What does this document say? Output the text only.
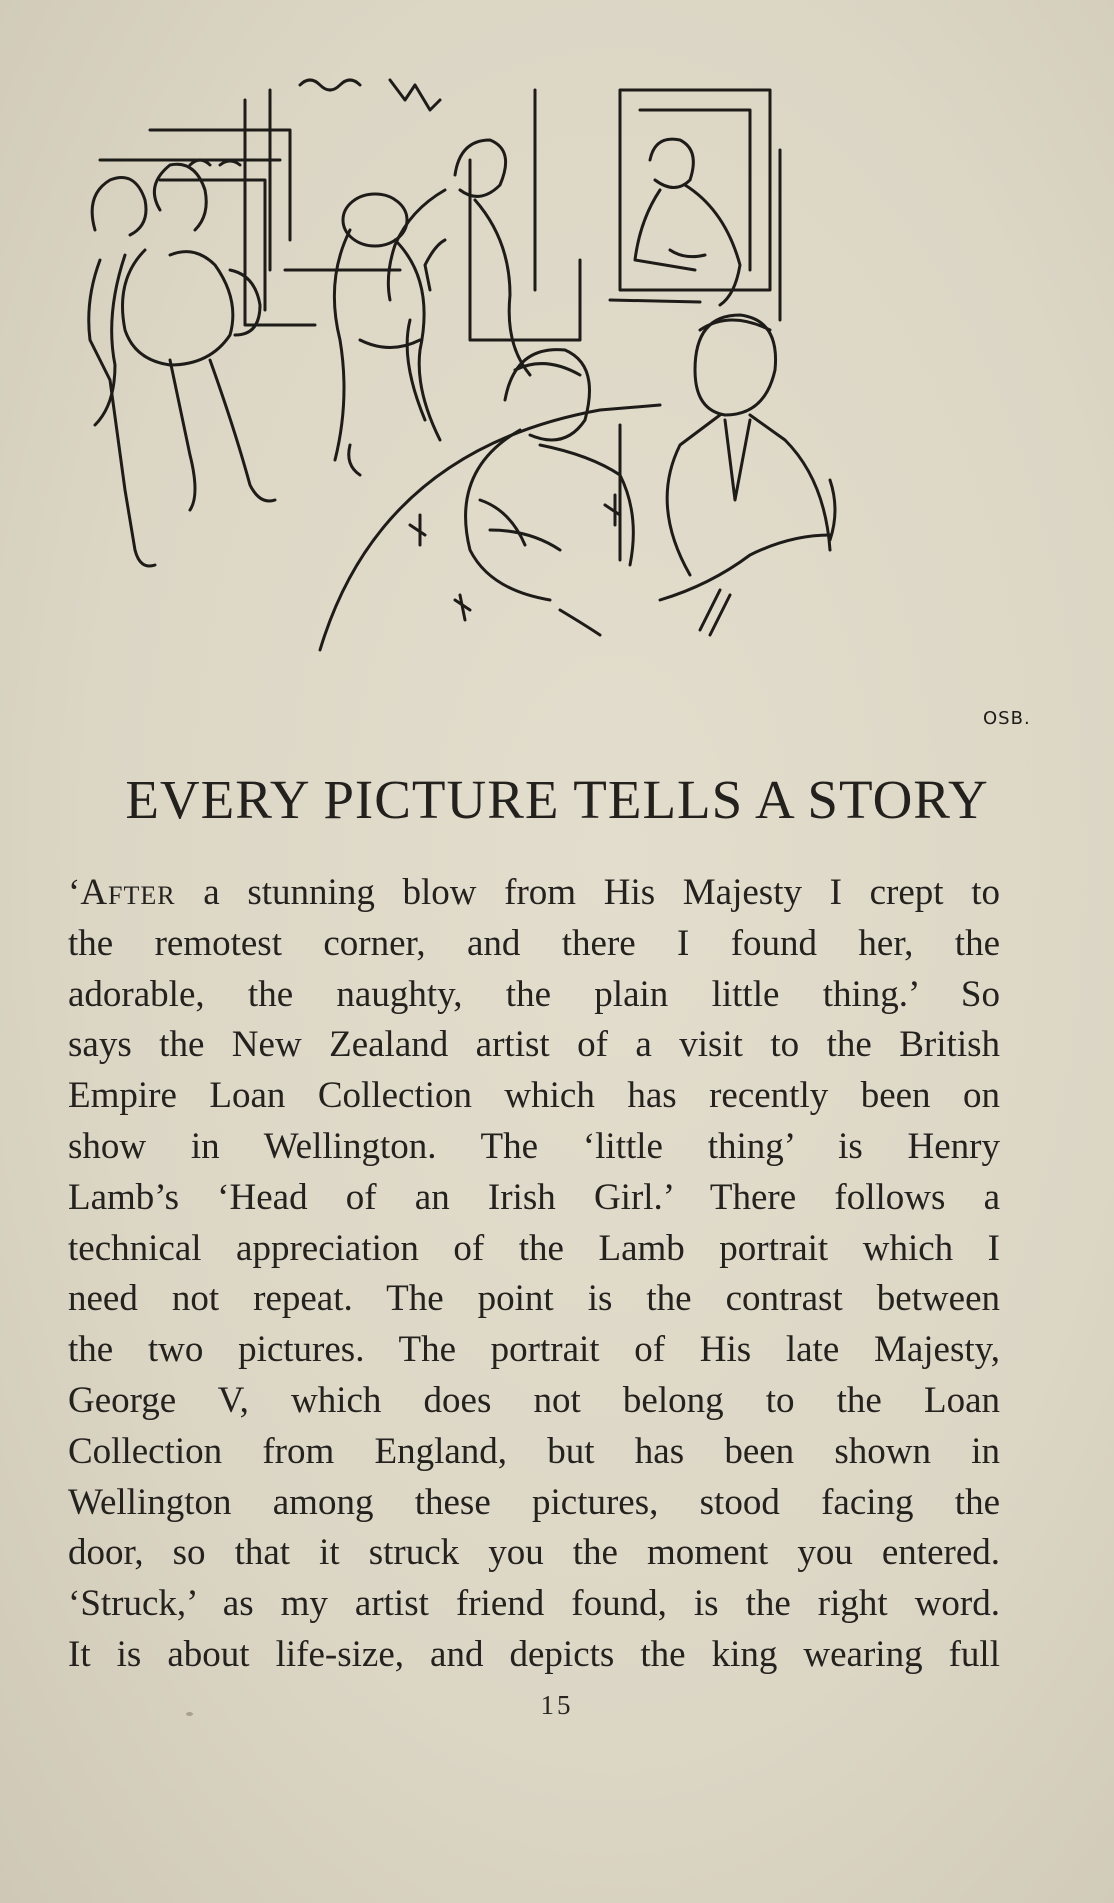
OSB.
EVERY PICTURE TELLS A STORY

‘After a stunning blow from His Majesty I crept to
the remotest corner, and there I found her, the
adorable, the naughty, the plain little thing.’ So
says the New Zealand artist of a visit to the British
Empire Loan Collection which has recently been on
show in Wellington. The ‘little thing’ is Henry
Lamb’s ‘Head of an Irish Girl.’ There follows a
technical appreciation of the Lamb portrait which I
need not repeat. The point is the contrast between
the two pictures. The portrait of His late Majesty,
George V, which does not belong to the Loan
Collection from England, but has been shown in
Wellington among these pictures, stood facing the
door, so that it struck you the moment you entered.
‘Struck,’ as my artist friend found, is the right word.
It is about life-size, and depicts the king wearing full

15
